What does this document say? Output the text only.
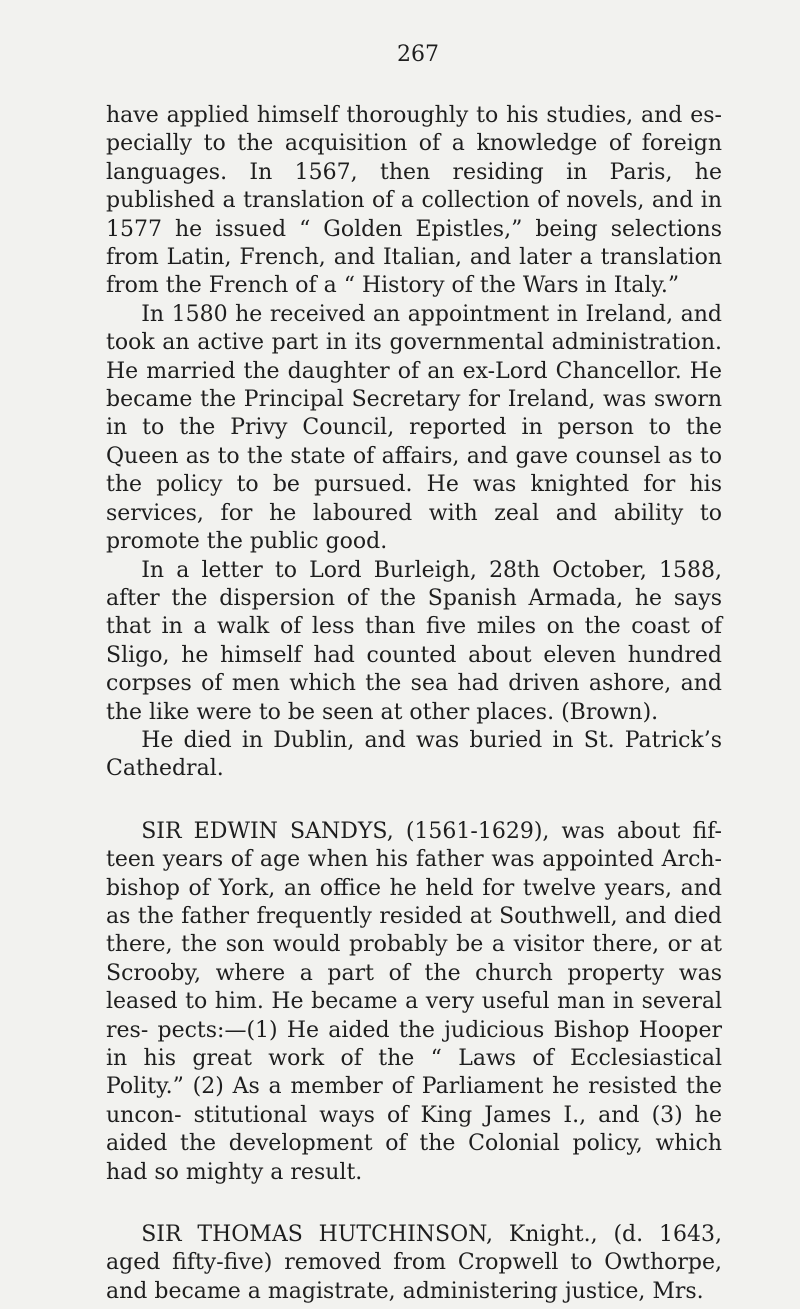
267

have applied himself thoroughly to his studies, and es- pecially to the acquisition of a knowledge of foreign languages. In 1567, then residing in Paris, he published a translation of a collection of novels, and in 1577 he issued “ Golden Epistles,” being selections from Latin, French, and Italian, and later a translation from the French of a “ History of the Wars in Italy.”

In 1580 he received an appointment in Ireland, and took an active part in its governmental administration. He married the daughter of an ex-Lord Chancellor. He became the Principal Secretary for Ireland, was sworn in to the Privy Council, reported in person to the Queen as to the state of affairs, and gave counsel as to the policy to be pursued. He was knighted for his services, for he laboured with zeal and ability to promote the public good.

In a letter to Lord Burleigh, 28th October, 1588, after the dispersion of the Spanish Armada, he says that in a walk of less than five miles on the coast of Sligo, he himself had counted about eleven hundred corpses of men which the sea had driven ashore, and the like were to be seen at other places. (Brown).

He died in Dublin, and was buried in St. Patrick’s Cathedral.

SIR EDWIN SANDYS, (1561-1629), was about fif- teen years of age when his father was appointed Arch- bishop of York, an office he held for twelve years, and as the father frequently resided at Southwell, and died there, the son would probably be a visitor there, or at Scrooby, where a part of the church property was leased to him. He became a very useful man in several res- pects:—(1) He aided the judicious Bishop Hooper in his great work of the “ Laws of Ecclesiastical Polity.” (2) As a member of Parliament he resisted the uncon- stitutional ways of King James I., and (3) he aided the development of the Colonial policy, which had so mighty a result.

SIR THOMAS HUTCHINSON, Knight., (d. 1643, aged fifty-five) removed from Cropwell to Owthorpe, and became a magistrate, administering justice, Mrs.
